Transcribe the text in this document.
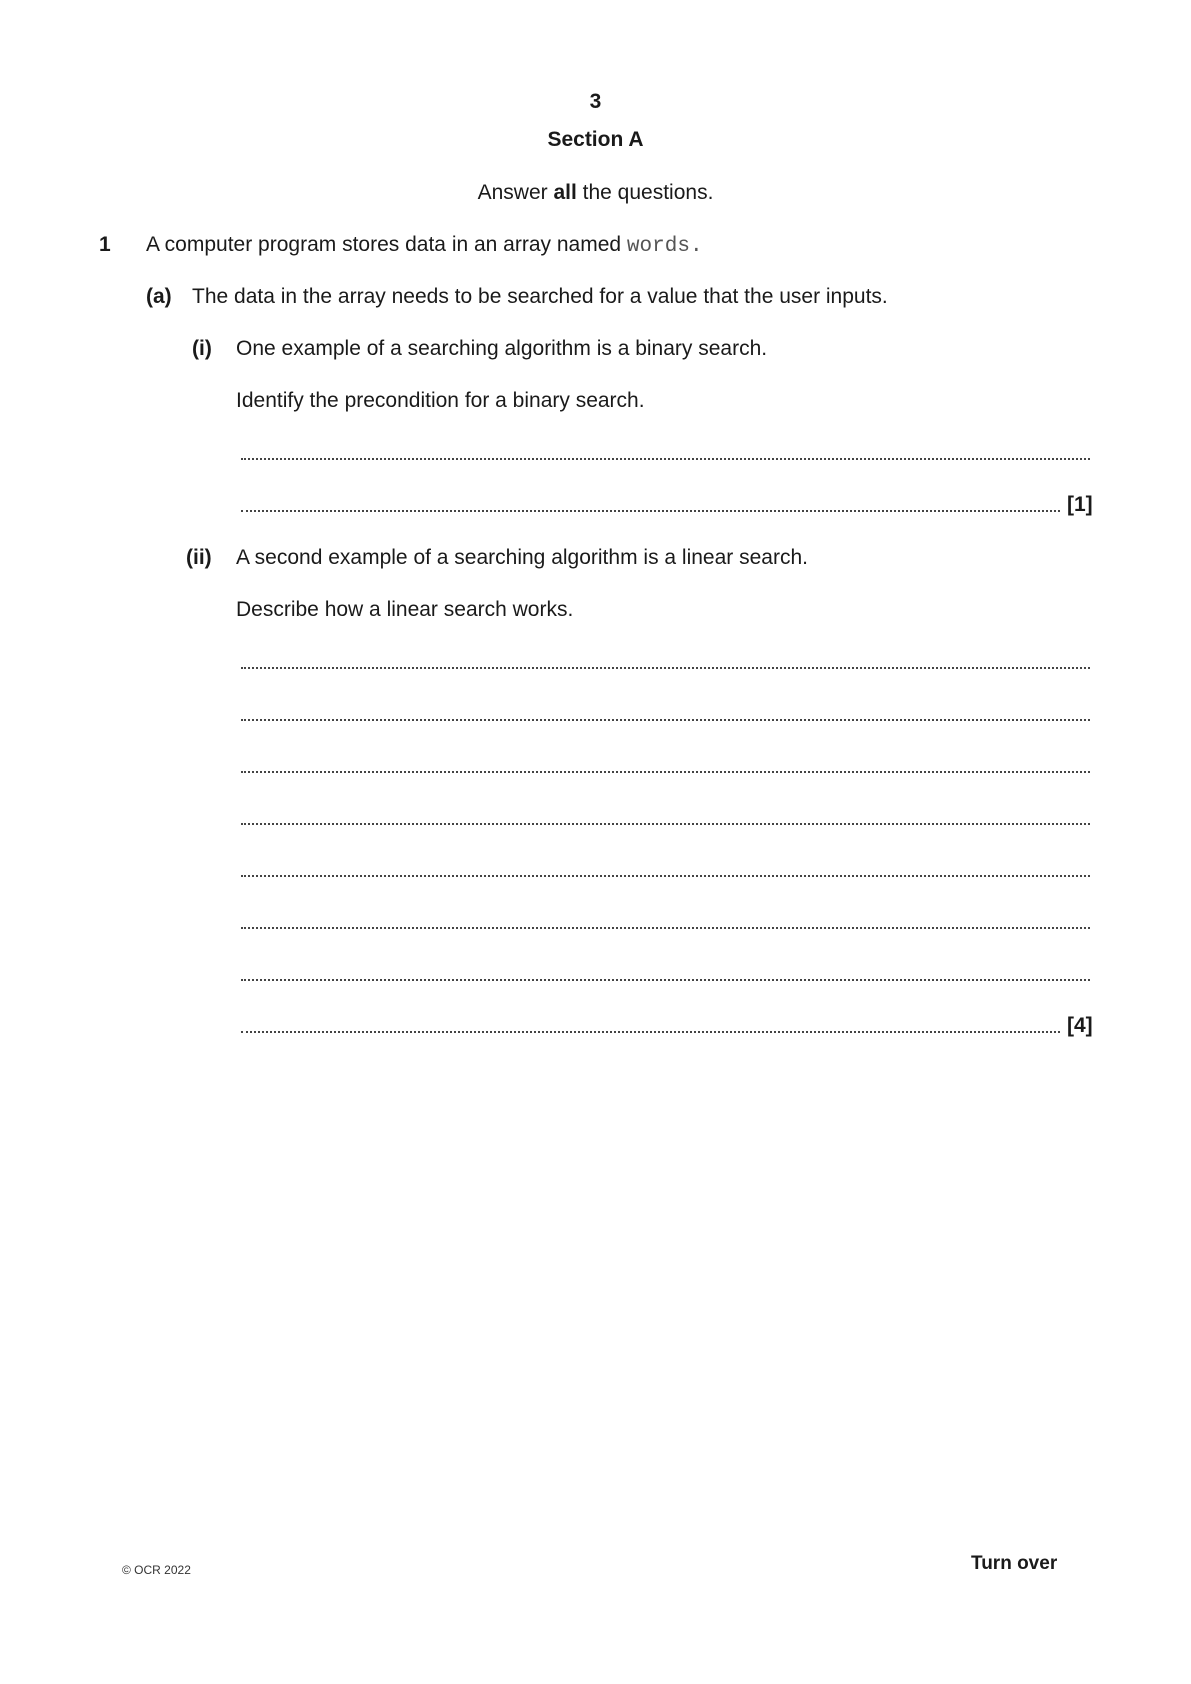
3
Section A
Answer all the questions.
1 A computer program stores data in an array named words.
(a) The data in the array needs to be searched for a value that the user inputs.
(i) One example of a searching algorithm is a binary search.
Identify the precondition for a binary search.
[1]
(ii) A second example of a searching algorithm is a linear search.
Describe how a linear search works.
[4]
© OCR 2022	Turn over
